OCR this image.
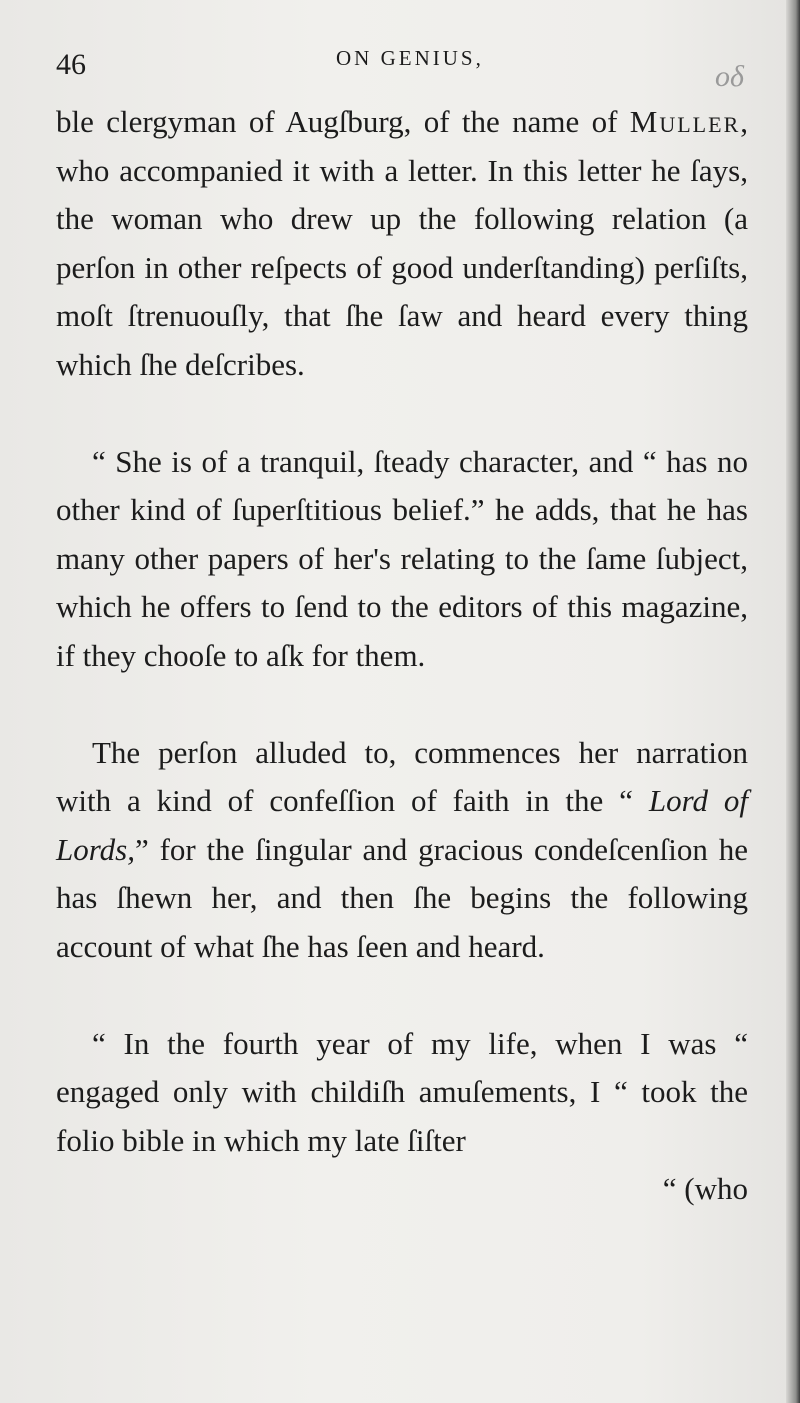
46	ON GENIUS,
oδ

ble clergyman of Augſburg, of the name of Muller, who accompanied it with a letter. In this letter he ſays, the woman who drew up the following relation (a perſon in other reſpects of good underſtanding) perſiſts, moſt ſtrenuouſly, that ſhe ſaw and heard every thing which ſhe deſcribes.

“ She is of a tranquil, ſteady character, and “ has no other kind of ſuperſtitious belief.” he adds, that he has many other papers of her's relating to the ſame ſubject, which he offers to ſend to the editors of this magazine, if they chooſe to aſk for them.

The perſon alluded to, commences her narration with a kind of confeſſion of faith in the “ Lord of Lords,” for the ſingular and gracious condeſcenſion he has ſhewn her, and then ſhe begins the following account of what ſhe has ſeen and heard.

“ In the fourth year of my life, when I was “ engaged only with childiſh amuſements, I “ took the folio bible in which my late ſiſter

“ (who
